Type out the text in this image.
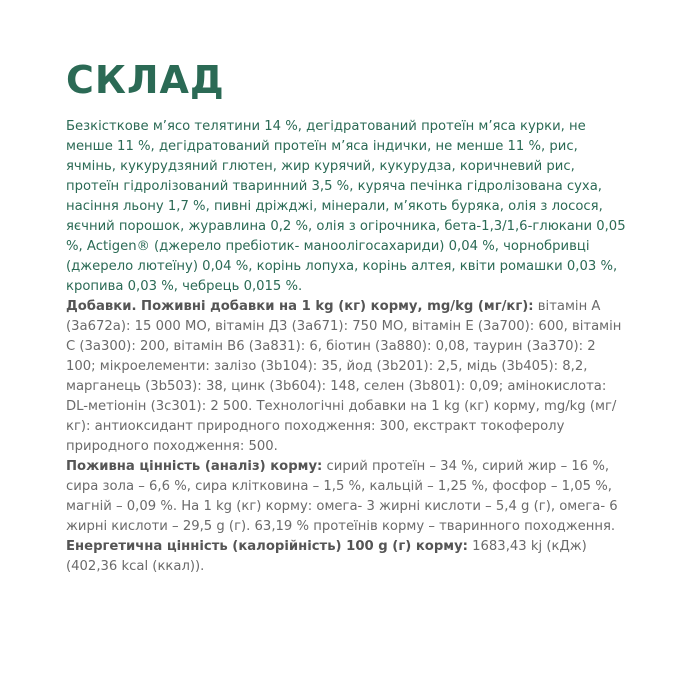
СКЛАД

Безкісткове м’ясо телятини 14 %, дегідратований протеїн м’яса курки, не менше 11 %, дегідратований протеїн м’яса індички, не менше 11 %, рис, ячмінь, кукурудзяний глютен, жир курячий, кукурудза, коричневий рис, протеїн гідролізований тваринний 3,5 %, куряча печінка гідролізована суха, насіння льону 1,7 %, пивні дріжджі, мінерали, м’якоть буряка, олія з лосося, яєчний порошок, журавлина 0,2 %, олія з огірочника, бета-1,3/1,6-глюкани 0,05 %, Actigen® (джерело пребіотик- маноолігосахариди) 0,04 %, чорнобривці (джерело лютеїну) 0,04 %, корінь лопуха, корінь алтея, квіти ромашки 0,03 %, кропива 0,03 %, чебрець 0,015 %.

Добавки. Поживні добавки на 1 kg (кг) корму, mg/kg (мг/кг): вітамін А (3а672а): 15 000 МО, вітамін Д3 (3а671): 750 МО, вітамін Е (3а700): 600, вітамін С (3а300): 200, вітамін В6 (3а831): 6, біотин (3а880): 0,08, таурин (3а370): 2 100; мікроелементи: залізо (3b104): 35, йод (3b201): 2,5, мідь (3b405): 8,2, марганець (3b503): 38, цинк (3b604): 148, селен (3b801): 0,09; амінокислота: DL-метіонін (3с301): 2 500. Технологічні добавки на 1 kg (кг) корму, mg/kg (мг/кг): антиоксидант природного походження: 300, екстракт токоферолу природного походження: 500.

Поживна цінність (аналіз) корму: сирий протеїн – 34 %, сирий жир – 16 %, сира зола – 6,6 %, сира клітковина – 1,5 %, кальцій – 1,25 %, фосфор – 1,05 %, магній – 0,09 %. На 1 kg (кг) корму: омега- 3 жирні кислоти – 5,4 g (г), омега- 6 жирні кислоти – 29,5 g (г). 63,19 % протеїнів корму – тваринного походження.

Енергетична цінність (калорійність) 100 g (г) корму: 1683,43 kj (кДж) (402,36 kcal (ккал)).
